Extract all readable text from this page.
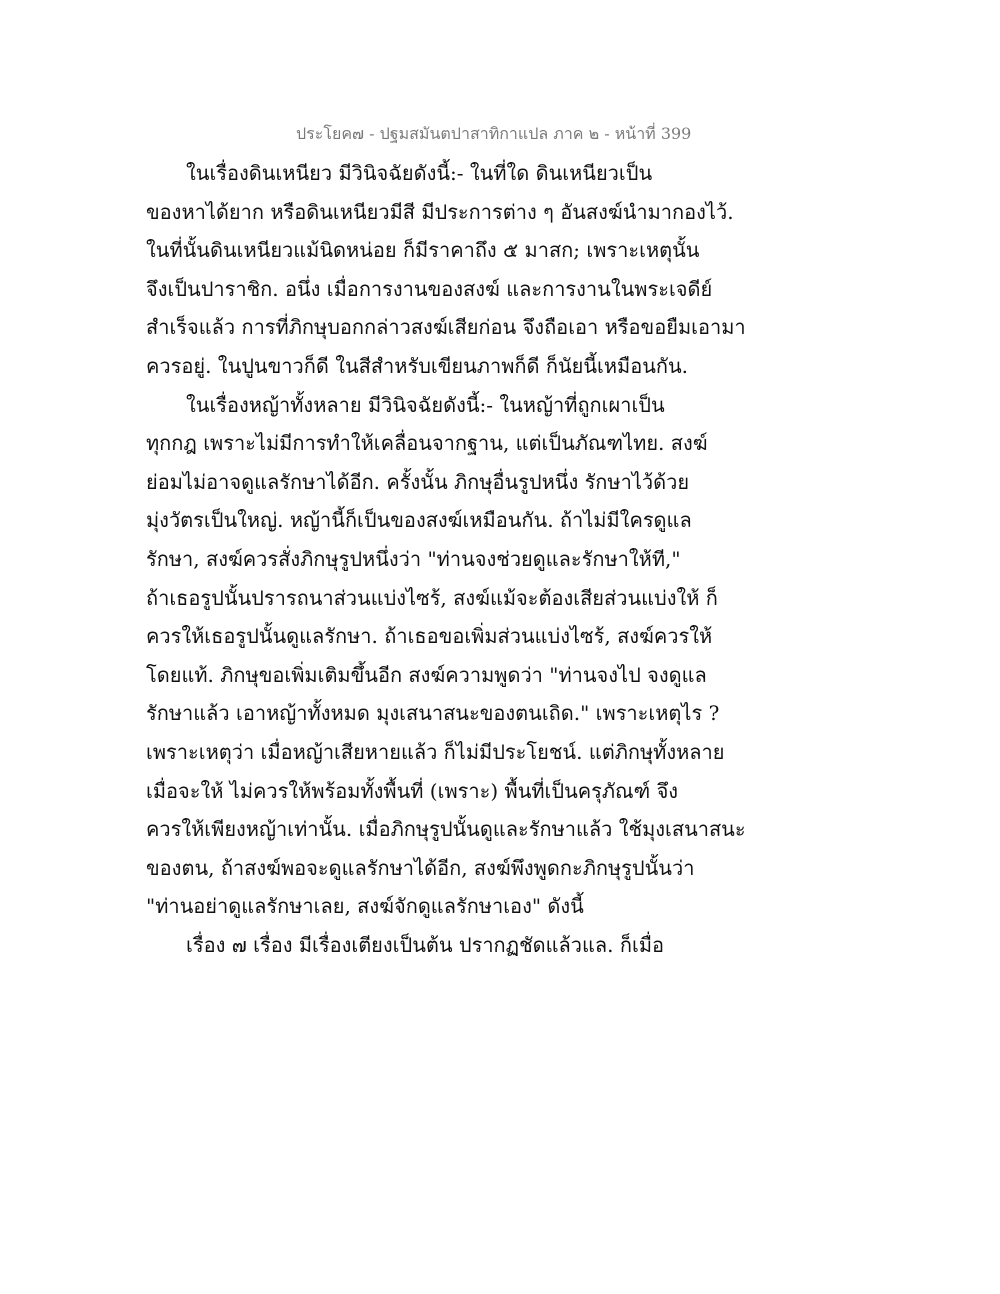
ประโยค๗ - ปฐมสมันตปาสาทิกาแปล ภาค ๒ - หน้าที่ 399
ในเรื่องดินเหนียว มีวินิจฉัยดังนี้:- ในที่ใด ดินเหนียวเป็น
ของหาได้ยาก หรือดินเหนียวมีสี มีประการต่าง ๆ อันสงฆ์นำมากองไว้.
ในที่นั้นดินเหนียวแม้นิดหน่อย ก็มีราคาถึง ๕ มาสก; เพราะเหตุนั้น
จึงเป็นปาราชิก. อนึ่ง เมื่อการงานของสงฆ์ และการงานในพระเจดีย์
สำเร็จแล้ว การที่ภิกษุบอกกล่าวสงฆ์เสียก่อน จึงถือเอา หรือขอยืมเอามา
ควรอยู่. ในปูนขาวก็ดี ในสีสำหรับเขียนภาพก็ดี ก็นัยนี้เหมือนกัน.
ในเรื่องหญ้าทั้งหลาย มีวินิจฉัยดังนี้:- ในหญ้าที่ถูกเผาเป็น
ทุกกฎ เพราะไม่มีการทำให้เคลื่อนจากฐาน, แต่เป็นภัณฑไทย. สงฆ์
ย่อมไม่อาจดูแลรักษาได้อีก. ครั้งนั้น ภิกษุอื่นรูปหนึ่ง รักษาไว้ด้วย
มุ่งวัตรเป็นใหญ่. หญ้านี้ก็เป็นของสงฆ์เหมือนกัน. ถ้าไม่มีใครดูแล
รักษา, สงฆ์ควรสั่งภิกษุรูปหนึ่งว่า "ท่านจงช่วยดูและรักษาให้ที,"
ถ้าเธอรูปนั้นปรารถนาส่วนแบ่งไซร้, สงฆ์แม้จะต้องเสียส่วนแบ่งให้ ก็
ควรให้เธอรูปนั้นดูแลรักษา. ถ้าเธอขอเพิ่มส่วนแบ่งไซร้, สงฆ์ควรให้
โดยแท้. ภิกษุขอเพิ่มเติมขึ้นอีก สงฆ์ความพูดว่า "ท่านจงไป จงดูแล
รักษาแล้ว เอาหญ้าทั้งหมด มุงเสนาสนะของตนเถิด." เพราะเหตุไร ?
เพราะเหตุว่า เมื่อหญ้าเสียหายแล้ว ก็ไม่มีประโยชน์. แต่ภิกษุทั้งหลาย
เมื่อจะให้ ไม่ควรให้พร้อมทั้งพื้นที่ (เพราะ) พื้นที่เป็นครุภัณฑ์ จึง
ควรให้เพียงหญ้าเท่านั้น. เมื่อภิกษุรูปนั้นดูและรักษาแล้ว ใช้มุงเสนาสนะ
ของตน, ถ้าสงฆ์พอจะดูแลรักษาได้อีก, สงฆ์พึงพูดกะภิกษุรูปนั้นว่า
"ท่านอย่าดูแลรักษาเลย, สงฆ์จักดูแลรักษาเอง" ดังนี้
เรื่อง ๗ เรื่อง มีเรื่องเตียงเป็นต้น ปรากฏชัดแล้วแล. ก็เมื่อ
